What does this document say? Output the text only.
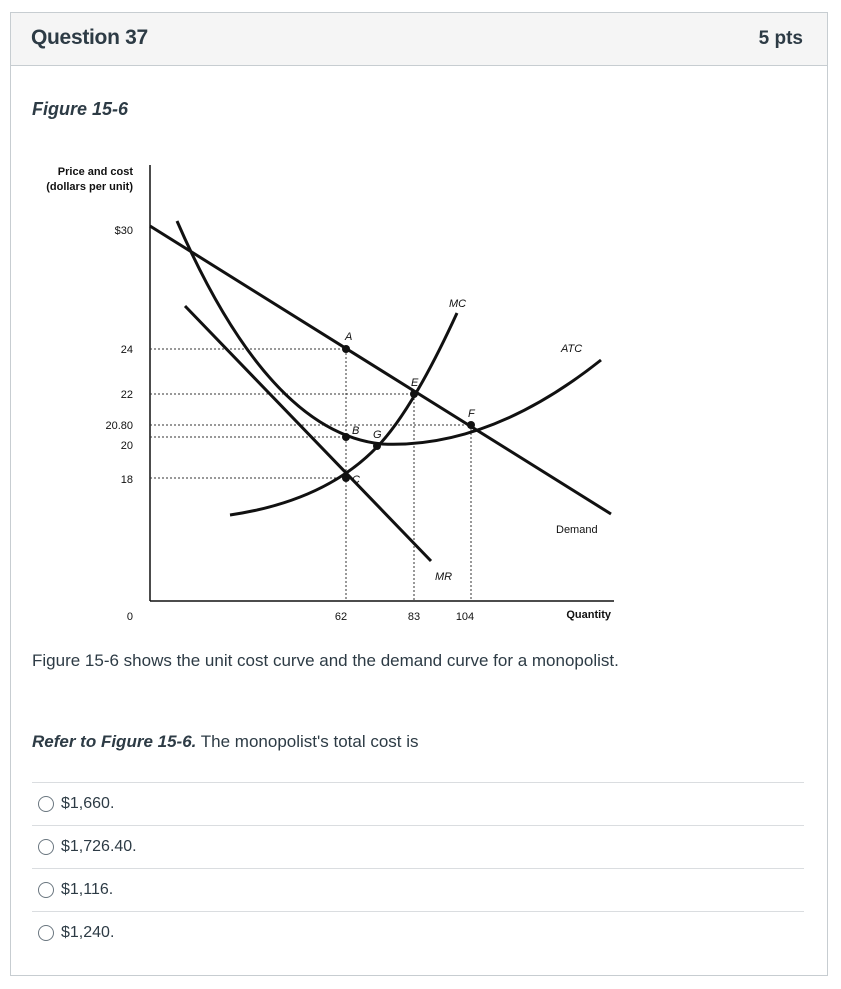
Question 37	5 pts
Figure 15-6
Price and cost
(dollars per unit)
$30
24
22
20.80
20
18
0	62	83	104	Quantity
MC
ATC
Demand
MR
A
B
C
E
F
G
Figure 15-6 shows the unit cost curve and the demand curve for a monopolist.
Refer to Figure 15-6. The monopolist's total cost is
$1,660.
$1,726.40.
$1,116.
$1,240.
